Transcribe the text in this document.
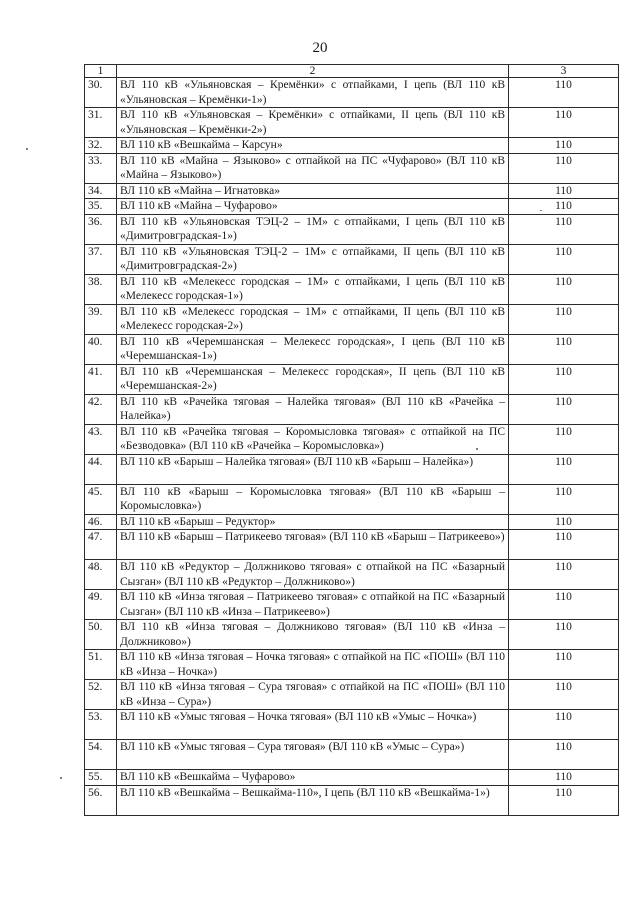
20
1	2	3
30.	ВЛ 110 кВ «Ульяновская – Кремёнки» с отпайками, I цепь (ВЛ 110 кВ «Ульяновская – Кремёнки-1»)	110
31.	ВЛ 110 кВ «Ульяновская – Кремёнки» с отпайками, II цепь (ВЛ 110 кВ «Ульяновская – Кремёнки-2»)	110
32.	ВЛ 110 кВ «Вешкайма – Карсун»	110
33.	ВЛ 110 кВ «Майна – Языково» с отпайкой на ПС «Чуфарово» (ВЛ 110 кВ «Майна – Языково»)	110
34.	ВЛ 110 кВ «Майна – Игнатовка»	110
35.	ВЛ 110 кВ «Майна – Чуфарово»	110
36.	ВЛ 110 кВ «Ульяновская ТЭЦ-2 – 1М» с отпайками, I цепь (ВЛ 110 кВ «Димитровградская-1»)	110
37.	ВЛ 110 кВ «Ульяновская ТЭЦ-2 – 1М» с отпайками, II цепь (ВЛ 110 кВ «Димитровградская-2»)	110
38.	ВЛ 110 кВ «Мелекесс городская – 1М» с отпайками, I цепь (ВЛ 110 кВ «Мелекесс городская-1»)	110
39.	ВЛ 110 кВ «Мелекесс городская – 1М» с отпайками, II цепь (ВЛ 110 кВ «Мелекесс городская-2»)	110
40.	ВЛ 110 кВ «Черемшанская – Мелекесс городская», I цепь (ВЛ 110 кВ «Черемшанская-1»)	110
41.	ВЛ 110 кВ «Черемшанская – Мелекесс городская», II цепь (ВЛ 110 кВ «Черемшанская-2»)	110
42.	ВЛ 110 кВ «Рачейка тяговая – Налейка тяговая» (ВЛ 110 кВ «Рачейка – Налейка»)	110
43.	ВЛ 110 кВ «Рачейка тяговая – Коромысловка тяговая» с отпайкой на ПС «Безводовка» (ВЛ 110 кВ «Рачейка – Коромысловка»)	110
44.	ВЛ 110 кВ «Барыш – Налейка тяговая» (ВЛ 110 кВ «Барыш – Налейка»)	110
45.	ВЛ 110 кВ «Барыш – Коромысловка тяговая» (ВЛ 110 кВ «Барыш – Коромысловка»)	110
46.	ВЛ 110 кВ «Барыш – Редуктор»	110
47.	ВЛ 110 кВ «Барыш – Патрикеево тяговая» (ВЛ 110 кВ «Барыш – Патрикеево»)	110
48.	ВЛ 110 кВ «Редуктор – Должниково тяговая» с отпайкой на ПС «Базарный Сызган» (ВЛ 110 кВ «Редуктор – Должниково»)	110
49.	ВЛ 110 кВ «Инза тяговая – Патрикеево тяговая» с отпайкой на ПС «Базарный Сызган» (ВЛ 110 кВ «Инза – Патрикеево»)	110
50.	ВЛ 110 кВ «Инза тяговая – Должниково тяговая» (ВЛ 110 кВ «Инза – Должниково»)	110
51.	ВЛ 110 кВ «Инза тяговая – Ночка тяговая» с отпайкой на ПС «ПОШ» (ВЛ 110 кВ «Инза – Ночка»)	110
52.	ВЛ 110 кВ «Инза тяговая – Сура тяговая» с отпайкой на ПС «ПОШ» (ВЛ 110 кВ «Инза – Сура»)	110
53.	ВЛ 110 кВ «Умыс тяговая – Ночка тяговая» (ВЛ 110 кВ «Умыс – Ночка»)	110
54.	ВЛ 110 кВ «Умыс тяговая – Сура тяговая» (ВЛ 110 кВ «Умыс – Сура»)	110
55.	ВЛ 110 кВ «Вешкайма – Чуфарово»	110
56.	ВЛ 110 кВ «Вешкайма – Вешкайма-110», I цепь (ВЛ 110 кВ «Вешкайма-1»)	110
